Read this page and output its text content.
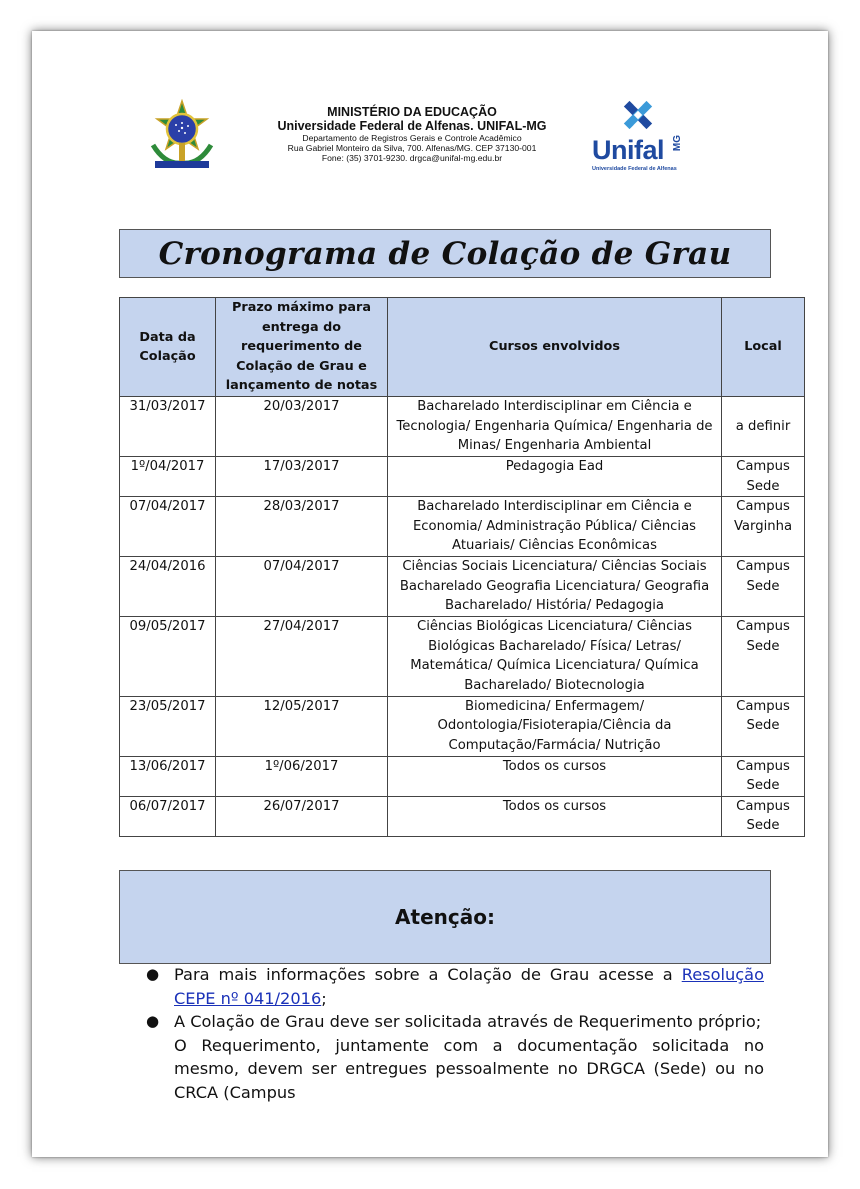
MINISTÉRIO DA EDUCAÇÃO
Universidade Federal de Alfenas. UNIFAL-MG
Departamento de Registros Gerais e Controle Acadêmico
Rua Gabriel Monteiro da Silva, 700. Alfenas/MG. CEP 37130-001
Fone: (35) 3701-9230. drgca@unifal-mg.edu.br	Unifal MG
Universidade Federal de Alfenas
Cronograma de Colação de Grau
Data da Colação	Prazo máximo para entrega do requerimento de Colação de Grau e lançamento de notas	Cursos envolvidos	Local
31/03/2017	20/03/2017	Bacharelado Interdisciplinar em Ciência e Tecnologia/ Engenharia Química/ Engenharia de Minas/ Engenharia Ambiental	a definir
1º/04/2017	17/03/2017	Pedagogia Ead	Campus Sede
07/04/2017	28/03/2017	Bacharelado Interdisciplinar em Ciência e Economia/ Administração Pública/ Ciências Atuariais/ Ciências Econômicas	Campus Varginha
24/04/2016	07/04/2017	Ciências Sociais Licenciatura/ Ciências Sociais Bacharelado Geografia Licenciatura/ Geografia Bacharelado/ História/ Pedagogia	Campus Sede
09/05/2017	27/04/2017	Ciências Biológicas Licenciatura/ Ciências Biológicas Bacharelado/ Física/ Letras/ Matemática/ Química Licenciatura/ Química Bacharelado/ Biotecnologia	Campus Sede
23/05/2017	12/05/2017	Biomedicina/ Enfermagem/ Odontologia/Fisioterapia/Ciência da Computação/Farmácia/ Nutrição	Campus Sede
13/06/2017	1º/06/2017	Todos os cursos	Campus Sede
06/07/2017	26/07/2017	Todos os cursos	Campus Sede
Atenção:
● Para mais informações sobre a Colação de Grau acesse a Resolução CEPE nº 041/2016;
● A Colação de Grau deve ser solicitada através de Requerimento próprio;
O Requerimento, juntamente com a documentação solicitada no mesmo, devem ser entregues pessoalmente no DRGCA (Sede) ou no CRCA (Campus
